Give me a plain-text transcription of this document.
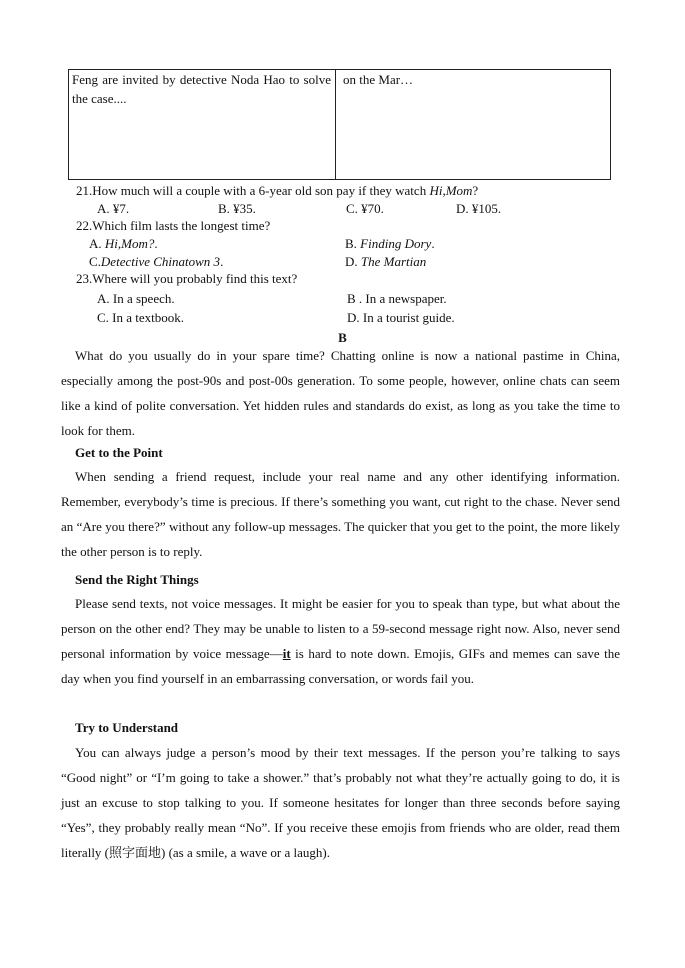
Feng are invited by detective Noda Hao to solve the case....
on the Mar…
21.How much will a couple with a 6-year old son pay if they watch Hi,Mom?
A. ¥7.	B. ¥35.	C. ¥70.	D. ¥105.
22.Which film lasts the longest time?
A. Hi,Mom?.	B. Finding Dory.
C.Detective Chinatown 3.	D. The Martian
23.Where will you probably find this text?
A. In a speech.	B . In a newspaper.
C. In a textbook.	D. In a tourist guide.
B
What do you usually do in your spare time? Chatting online is now a national pastime in China, especially among the post-90s and post-00s generation. To some people, however, online chats can seem like a kind of polite conversation. Yet hidden rules and standards do exist, as long as you take the time to look for them.
Get to the Point
When sending a friend request, include your real name and any other identifying information. Remember, everybody’s time is precious. If there’s something you want, cut right to the chase. Never send an “Are you there?” without any follow-up messages. The quicker that you get to the point, the more likely the other person is to reply.
Send the Right Things
Please send texts, not voice messages. It might be easier for you to speak than type, but what about the person on the other end? They may be unable to listen to a 59-second message right now. Also, never send personal information by voice message—it is hard to note down. Emojis, GIFs and memes can save the day when you find yourself in an embarrassing conversation, or words fail you.
Try to Understand
You can always judge a person’s mood by their text messages. If the person you’re talking to says “Good night” or “I’m going to take a shower.” that’s probably not what they’re actually going to do, it is just an excuse to stop talking to you. If someone hesitates for longer than three seconds before saying “Yes”, they probably really mean “No”. If you receive these emojis from friends who are older, read them literally (照字面地) (as a smile, a wave or a laugh).
